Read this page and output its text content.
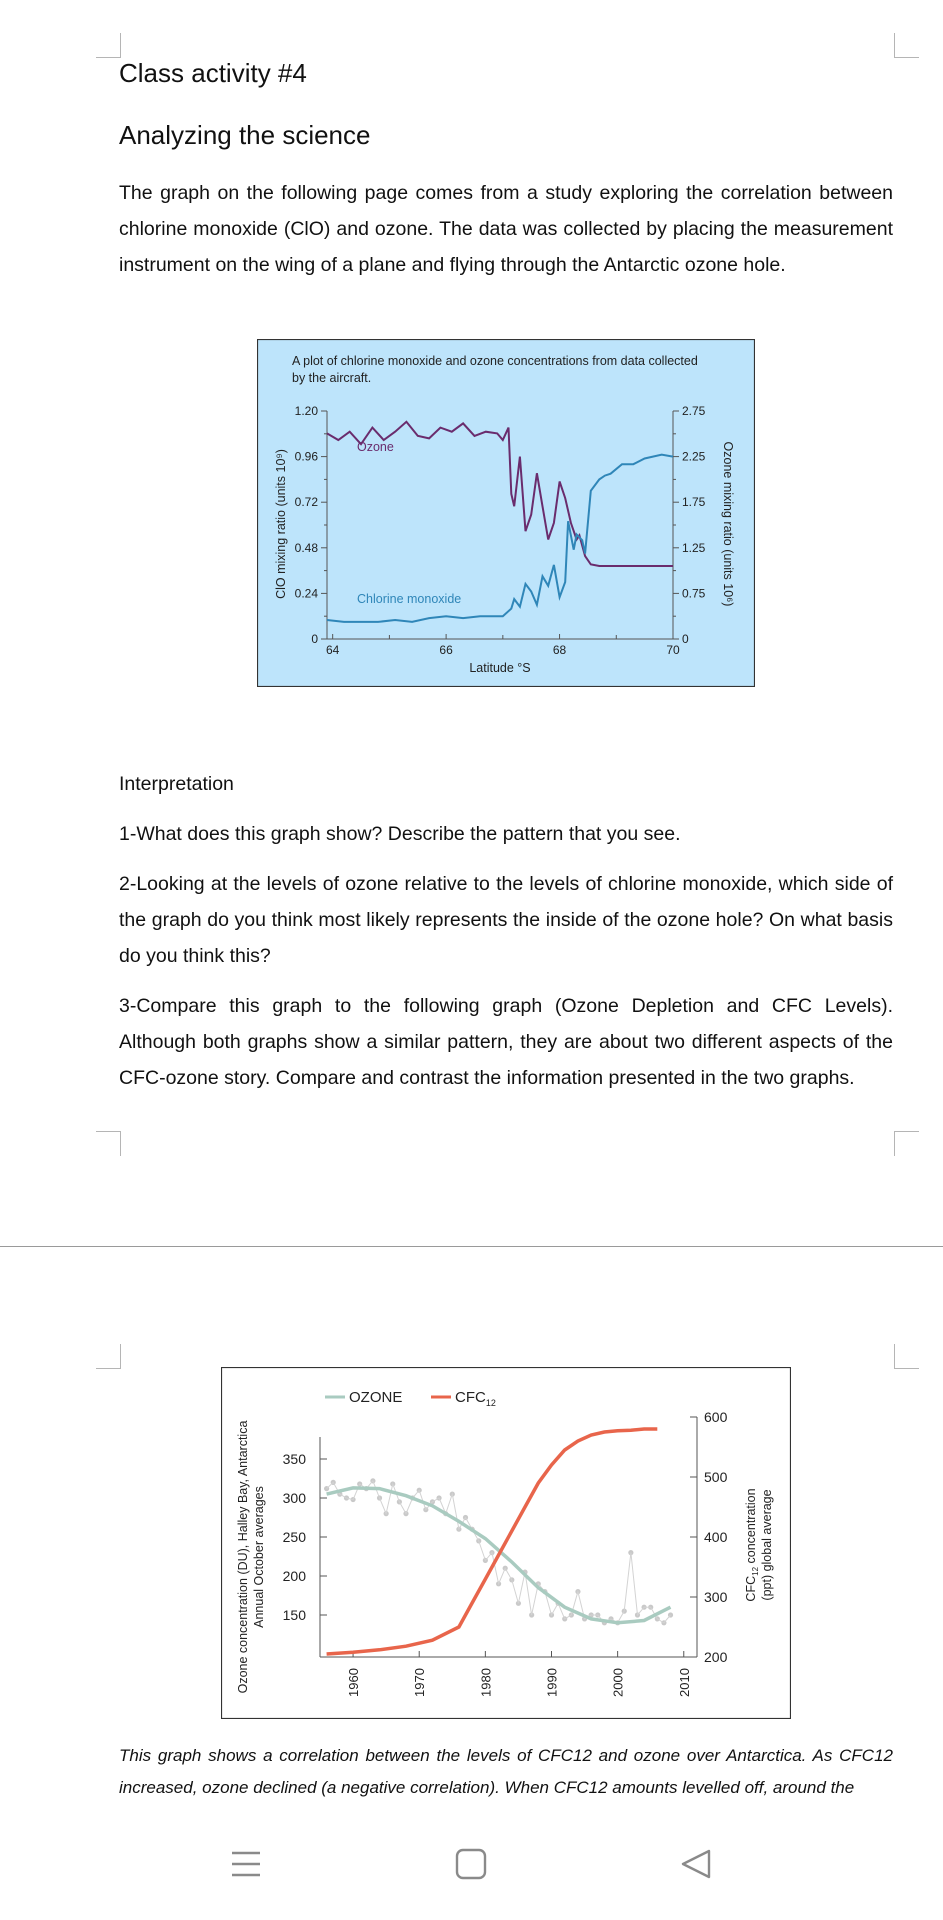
Class activity #4
Analyzing the science

The graph on the following page comes from a study exploring the correlation between chlorine monoxide (ClO) and ozone. The data was collected by placing the measurement instrument on the wing of a plane and flying through the Antarctic ozone hole.

A plot of chlorine monoxide and ozone concentrations from data collected
by the aircraft.
0
0.24
0.48
0.72
0.96
1.20
0
0.75
1.25
1.75
2.25
2.75
64	66	68	70
Ozone
Chlorine monoxide
Latitude °S
ClO mixing ratio (units 10⁹)	Ozone mixing ratio (units 10⁶)

Interpretation

1-What does this graph show? Describe the pattern that you see.

2-Looking at the levels of ozone relative to the levels of chlorine monoxide, which side of the graph do you think most likely represents the inside of the ozone hole? On what basis do you think this?

3-Compare this graph to the following graph (Ozone Depletion and CFC Levels). Although both graphs show a similar pattern, they are about two different aspects of the CFC-ozone story. Compare and contrast the information presented in the two graphs.

OZONE	$CFC_{12}$
150
200
250
300
350
200
300
400
500
600
1960	1970	1980	1990	2000	2010
Ozone concentration (DU), Halley Bay, Antarctica Annual October averages	$CFC_{12}$ concentration (ppt) global average

This graph shows a correlation between the levels of CFC12 and ozone over Antarctica. As CFC12 increased, ozone declined (a negative correlation). When CFC12 amounts levelled off, around the
